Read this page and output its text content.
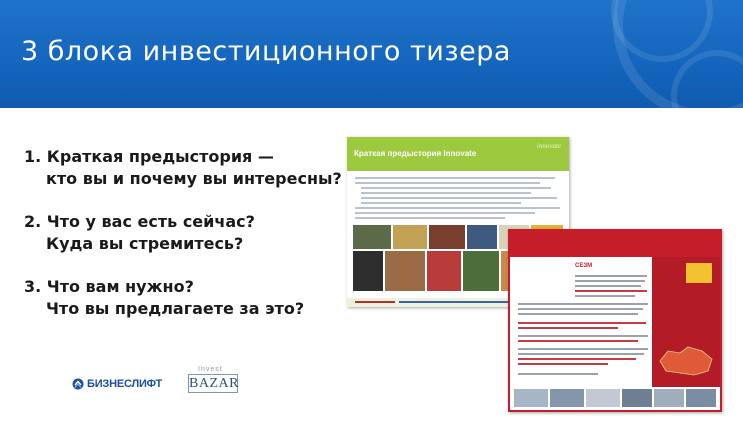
3 блока инвестиционного тизера
1. Краткая предыстория —
кто вы и почему вы интересны?
2. Что у вас есть сейчас?
Куда вы стремитесь?
3. Что вам нужно?
Что вы предлагаете за это?
БИЗНЕСЛИФТ
Invest
BAZAR
Краткая предыстория Innovate
innovate
СЕЗМ
